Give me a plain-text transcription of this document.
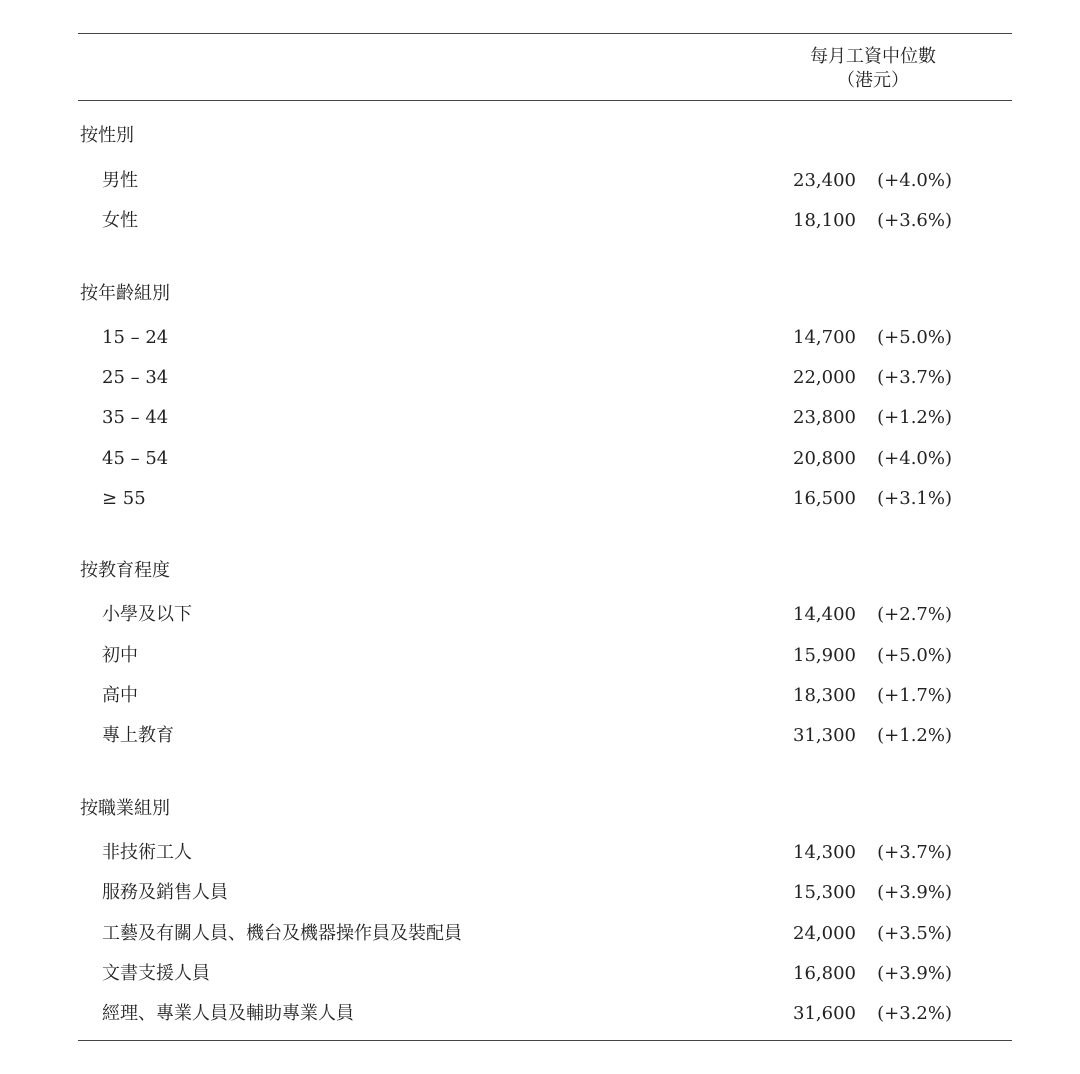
每月工資中位數
（港元）
按性別
男性	23,400 (+4.0%)
女性	18,100 (+3.6%)
按年齡組別
15 – 24	14,700 (+5.0%)
25 – 34	22,000 (+3.7%)
35 – 44	23,800 (+1.2%)
45 – 54	20,800 (+4.0%)
≥ 55	16,500 (+3.1%)
按教育程度
小學及以下	14,400 (+2.7%)
初中	15,900 (+5.0%)
高中	18,300 (+1.7%)
專上教育	31,300 (+1.2%)
按職業組別
非技術工人	14,300 (+3.7%)
服務及銷售人員	15,300 (+3.9%)
工藝及有關人員、機台及機器操作員及裝配員	24,000 (+3.5%)
文書支援人員	16,800 (+3.9%)
經理、專業人員及輔助專業人員	31,600 (+3.2%)
